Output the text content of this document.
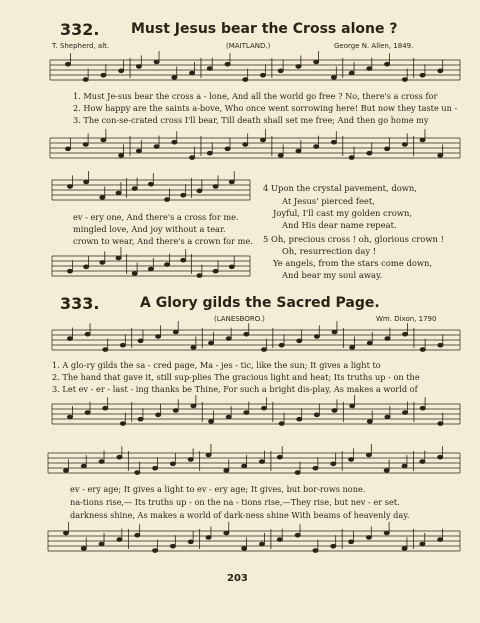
332. Must Jesus bear the Cross alone ?
T. Shepherd, alt.	(MAITLAND.)	George N. Allen, 1849.
1. Must Je-sus bear the cross a - lone, And all the world go free ? No, there's a cross for
2. How happy are the saints a-bove, Who once went sorrowing here! But now they taste un -
3. The con-se-crated cross I'll bear, Till death shall set me free; And then go home my
ev - ery one, And there's a cross for me.
mingled love, And joy without a tear.
crown to wear, And there's a crown for me.
4 Upon the crystal pavement, down,
At Jesus' pierced feet,
Joyful, I'll cast my golden crown,
And His dear name repeat.
5 Oh, precious cross ! oh, glorious crown !
Oh, resurrection day !
Ye angels, from the stars come down,
And bear my soul away.
333.	A Glory gilds the Sacred Page.
(LANESBORO.)	Wm. Dixon, 1790
1. A glo-ry gilds the sa - cred page, Ma - jes - tic, like the sun; It gives a light to
2. The hand that gave it, still sup-plies The gracious light and heat; Its truths up - on the
3. Let ev - er - last - ing thanks be Thine, For such a bright dis-play, As makes a world of
ev - ery age; It gives a light to ev - ery age; It gives, but bor-rows none.
na-tions rise,— Its truths up - on the na - tions rise,—They rise, but nev - er set.
darkness shine, As makes a world of dark-ness shine With beams of heavenly day.
203
